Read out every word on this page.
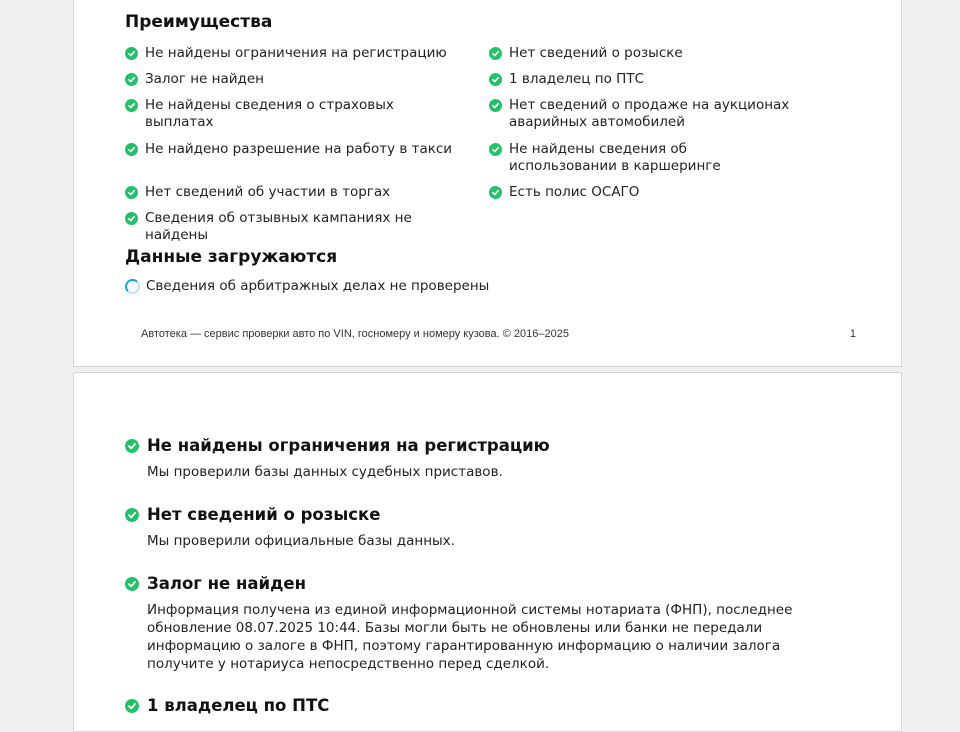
Преимущества
Не найдены ограничения на регистрацию
Залог не найден
Не найдены сведения о страховых выплатах
Не найдено разрешение на работу в такси
Нет сведений об участии в торгах
Сведения об отзывных кампаниях не найдены
Нет сведений о розыске
1 владелец по ПТС
Нет сведений о продаже на аукционах аварийных автомобилей
Не найдены сведения об использовании в каршеринге
Есть полис ОСАГО
Данные загружаются
Сведения об арбитражных делах не проверены
Автотека — сервис проверки авто по VIN, госномеру и номеру кузова. © 2016–2025	1
Не найдены ограничения на регистрацию
Мы проверили базы данных судебных приставов.
Нет сведений о розыске
Мы проверили официальные базы данных.
Залог не найден
Информация получена из единой информационной системы нотариата (ФНП), последнее обновление 08.07.2025 10:44. Базы могли быть не обновлены или банки не передали информацию о залоге в ФНП, поэтому гарантированную информацию о наличии залога получите у нотариуса непосредственно перед сделкой.
1 владелец по ПТС
